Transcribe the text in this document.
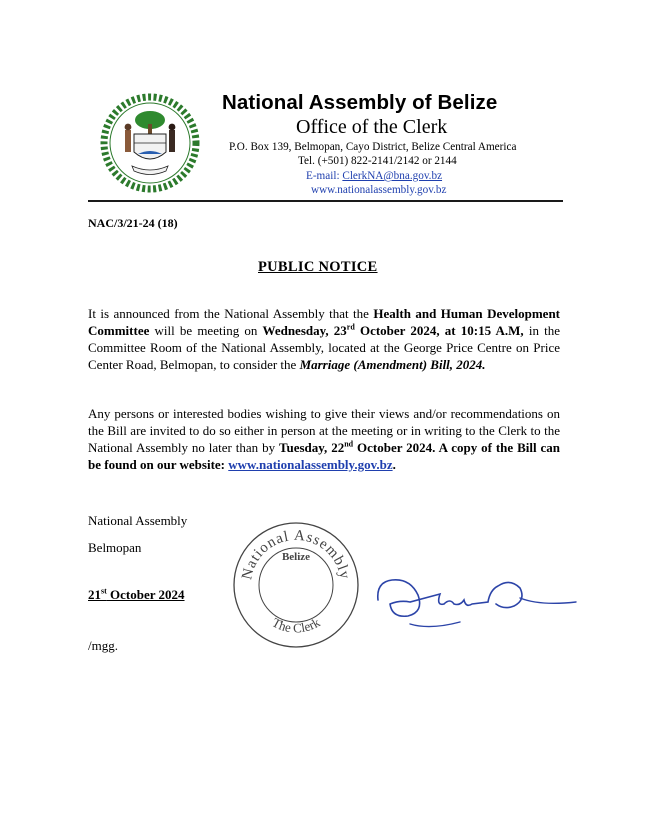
National Assembly of Belize
Office of the Clerk
P.O. Box 139, Belmopan, Cayo District, Belize Central America
Tel. (+501) 822-2141/2142 or 2144
E-mail: ClerkNA@bna.gov.bz
www.nationalassembly.gov.bz
NAC/3/21-24 (18)
PUBLIC NOTICE
It is announced from the National Assembly that the Health and Human Development Committee will be meeting on Wednesday, 23rd October 2024, at 10:15 A.M, in the Committee Room of the National Assembly, located at the George Price Centre on Price Center Road, Belmopan, to consider the Marriage (Amendment) Bill, 2024.
Any persons or interested bodies wishing to give their views and/or recommendations on the Bill are invited to do so either in person at the meeting or in writing to the Clerk to the National Assembly no later than by Tuesday, 22nd October 2024. A copy of the Bill can be found on our website: www.nationalassembly.gov.bz.
National Assembly
Belmopan
21st October 2024
/mgg.
National Assembly
The Clerk
Belize
